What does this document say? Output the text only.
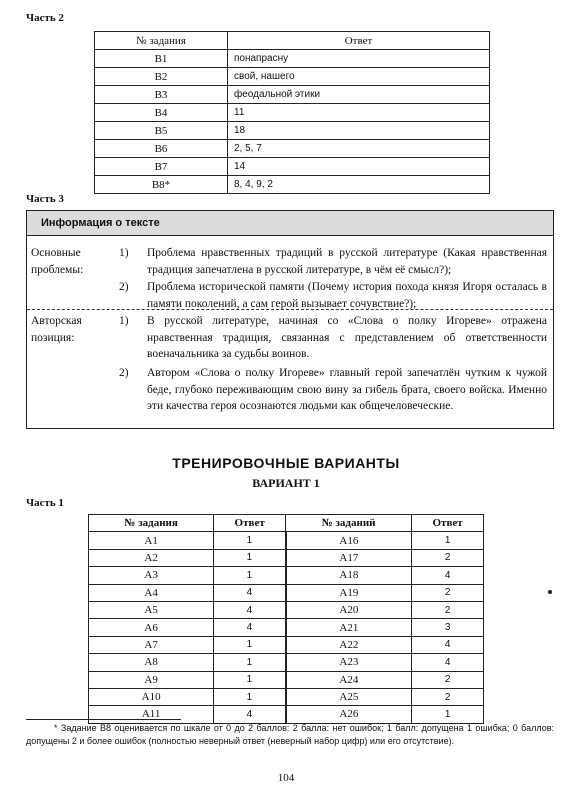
Часть 2
№ задания	Ответ
В1	понапрасну
В2	свой, нашего
В3	феодальной этики
В4	11
В5	18
В6	2, 5, 7
В7	14
В8*	8, 4, 9, 2
Часть 3
Информация о тексте
Основные проблемы:
1)	Проблема нравственных традиций в русской литературе (Какая нравственная традиция запечатлена в русской литературе, в чём её смысл?);
2)	Проблема исторической памяти (Почему история похода князя Игоря осталась в памяти поколений, а сам герой вызывает сочувствие?);
Авторская позиция:
1)	В русской литературе, начиная со «Слова о полку Игореве» отражена нравственная традиция, связанная с представлением об ответственности военачальника за судьбы воинов.
2)	Автором «Слова о полку Игореве» главный герой запечатлён чутким к чужой беде, глубоко переживающим свою вину за гибель брата, своего войска. Именно эти качества героя осознаются людьми как общечеловеческие.
ТРЕНИРОВОЧНЫЕ ВАРИАНТЫ
ВАРИАНТ 1
Часть 1
№ задания	Ответ	№ заданий	Ответ
А1	1	А16	1
А2	1	А17	2
А3	1	А18	4
А4	4	А19	2
А5	4	А20	2
А6	4	А21	3
А7	1	А22	4
А8	1	А23	4
А9	1	А24	2
А10	1	А25	2
А11	4	А26	1
* Задание В8 оценивается по шкале от 0 до 2 баллов: 2 балла: нет ошибок; 1 балл: допущена 1 ошибка; 0 баллов: допущены 2 и более ошибок (полностью неверный ответ (неверный набор цифр) или его отсутствие).
104
